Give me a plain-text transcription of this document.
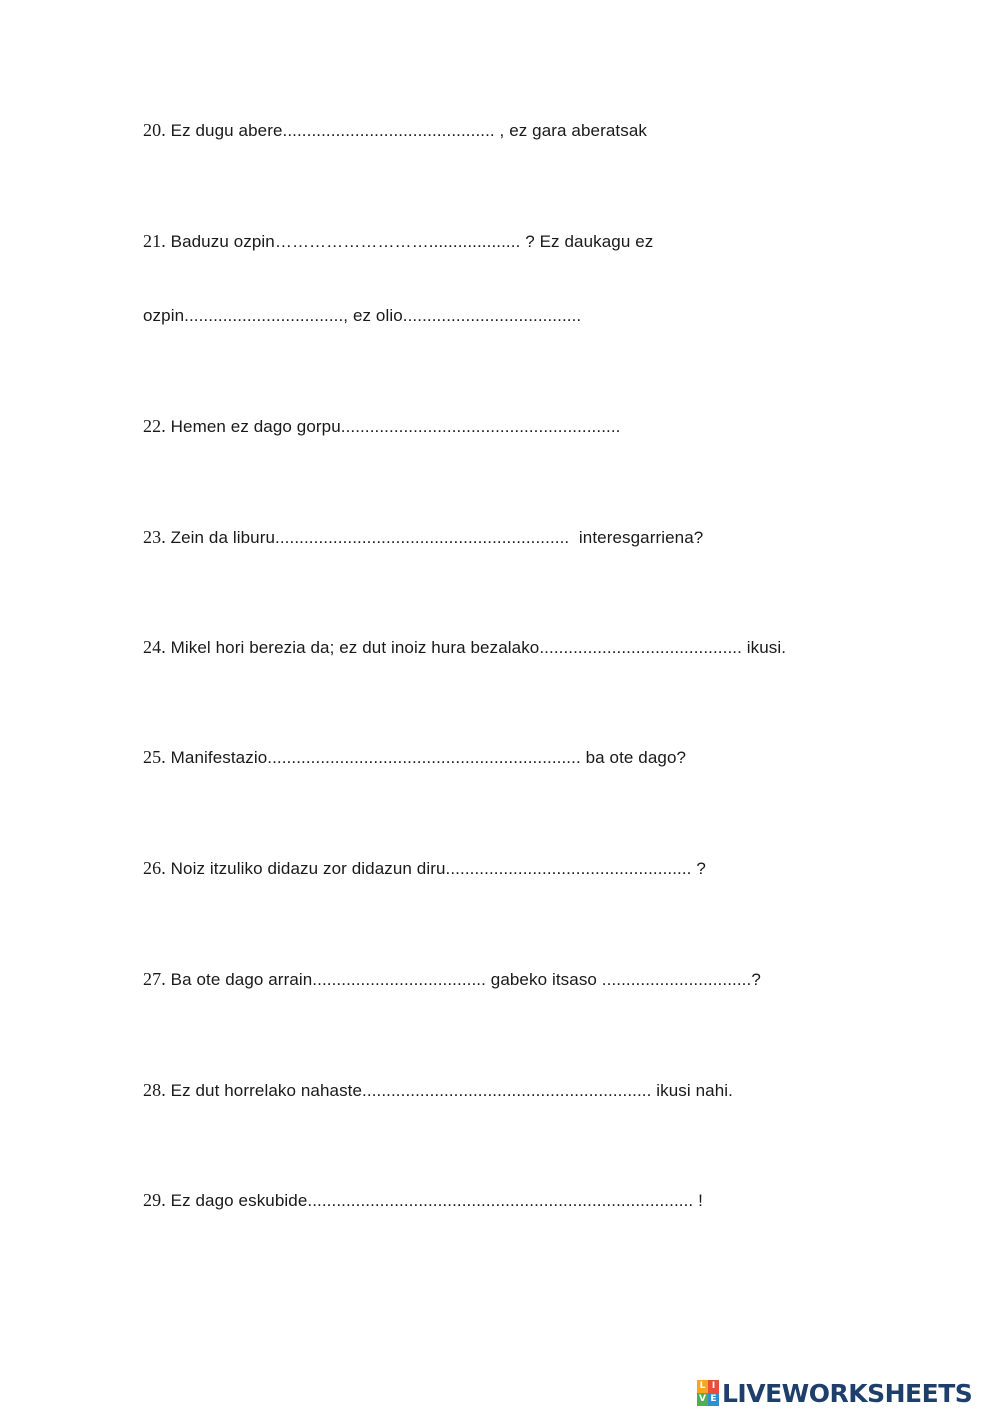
20. Ez dugu abere............................................ , ez gara aberatsak
21. Baduzu ozpin………………………................... ? Ez daukagu ez
ozpin................................., ez olio.....................................
22. Hemen ez dago gorpu..........................................................
23. Zein da liburu.............................................................  interesgarriena?
24. Mikel hori berezia da; ez dut inoiz hura bezalako.......................................... ikusi.
25. Manifestazio................................................................. ba ote dago?
26. Noiz itzuliko didazu zor didazun diru................................................... ?
27. Ba ote dago arrain.................................... gabeko itsaso ...............................?
28. Ez dut horrelako nahaste............................................................ ikusi nahi.
29. Ez dago eskubide................................................................................ !
L I
V E LIVEWORKSHEETS
